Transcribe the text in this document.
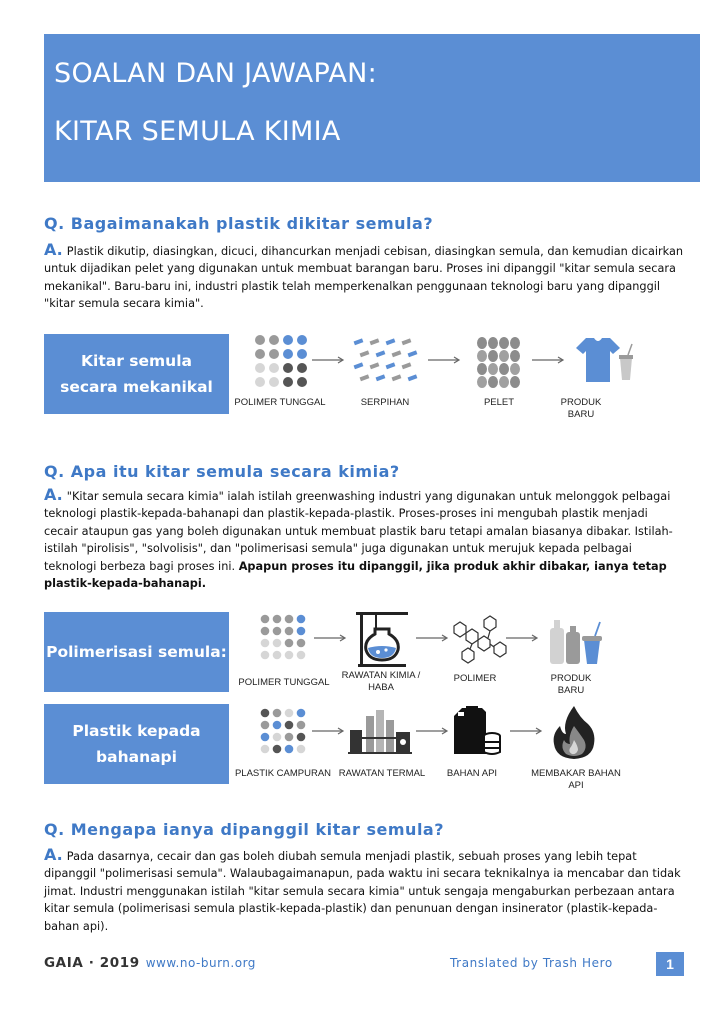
SOALAN DAN JAWAPAN:
KITAR SEMULA KIMIA
Q. Bagaimanakah plastik dikitar semula?
A. Plastik dikutip, diasingkan, dicuci, dihancurkan menjadi cebisan, diasingkan semula, dan kemudian dicairkan untuk dijadikan pelet yang digunakan untuk membuat barangan baru. Proses ini dipanggil "kitar semula secara mekanikal". Baru-baru ini, industri plastik telah memperkenalkan penggunaan teknologi baru yang dipanggil "kitar semula secara kimia".
Kitar semula secara mekanikal
POLIMER TUNGGAL	SERPIHAN	PELET	PRODUK BARU
Q. Apa itu kitar semula secara kimia?
A. "Kitar semula secara kimia" ialah istilah greenwashing industri yang digunakan untuk melonggok pelbagai teknologi plastik-kepada-bahanapi dan plastik-kepada-plastik. Proses-proses ini mengubah plastik menjadi cecair ataupun gas yang boleh digunakan untuk membuat plastik baru tetapi amalan biasanya dibakar. Istilah-istilah "pirolisis", "solvolisis", dan "polimerisasi semula" juga digunakan untuk merujuk kepada pelbagai teknologi berbeza bagi proses ini. Apapun proses itu dipanggil, jika produk akhir dibakar, ianya tetap plastik-kepada-bahanapi.
Polimerisasi semula:
POLIMER TUNGGAL
RAWATAN KIMIA / HABA
POLIMER	PRODUK BARU
Plastik kepada bahanapi
PLASTIK CAMPURAN RAWATAN TERMAL	BAHAN API	MEMBAKAR BAHAN API
Q. Mengapa ianya dipanggil kitar semula?
A. Pada dasarnya, cecair dan gas boleh diubah semula menjadi plastik, sebuah proses yang lebih tepat dipanggil "polimerisasi semula". Walaubagaimanapun, pada waktu ini secara teknikalnya ia mencabar dan tidak jimat. Industri menggunakan istilah "kitar semula secara kimia" untuk sengaja mengaburkan perbezaan antara kitar semula (polimerisasi semula plastik-kepada-plastik) dan penunuan dengan insinerator (plastik-kepada-bahan api).
GAIA · 2019 www.no-burn.org	Translated by Trash Hero	1
